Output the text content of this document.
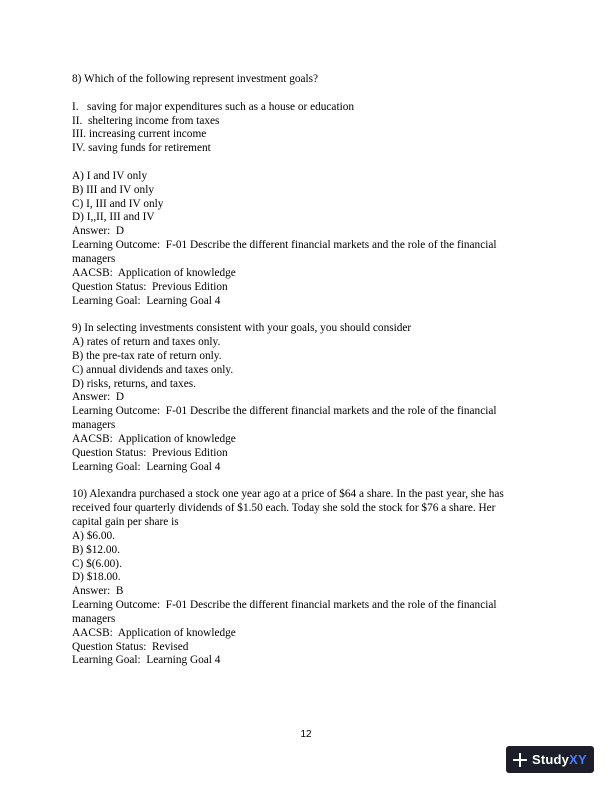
8) Which of the following represent investment goals?

I.   saving for major expenditures such as a house or education

II.  sheltering income from taxes

III. increasing current income

IV. saving funds for retirement

A) I and IV only

B) III and IV only

C) I, III and IV only

D) I,,II, III and IV

Answer:  D

Learning Outcome:  F-01 Describe the different financial markets and the role of the financial

managers

AACSB:  Application of knowledge

Question Status:  Previous Edition

Learning Goal:  Learning Goal 4

9) In selecting investments consistent with your goals, you should consider

A) rates of return and taxes only.

B) the pre-tax rate of return only.

C) annual dividends and taxes only.

D) risks, returns, and taxes.

Answer:  D

Learning Outcome:  F-01 Describe the different financial markets and the role of the financial

managers

AACSB:  Application of knowledge

Question Status:  Previous Edition

Learning Goal:  Learning Goal 4

10) Alexandra purchased a stock one year ago at a price of $64 a share. In the past year, she has

received four quarterly dividends of $1.50 each. Today she sold the stock for $76 a share. Her

capital gain per share is

A) $6.00.

B) $12.00.

C) $(6.00).

D) $18.00.

Answer:  B

Learning Outcome:  F-01 Describe the different financial markets and the role of the financial

managers

AACSB:  Application of knowledge

Question Status:  Revised

Learning Goal:  Learning Goal 4

12
StudyXY
